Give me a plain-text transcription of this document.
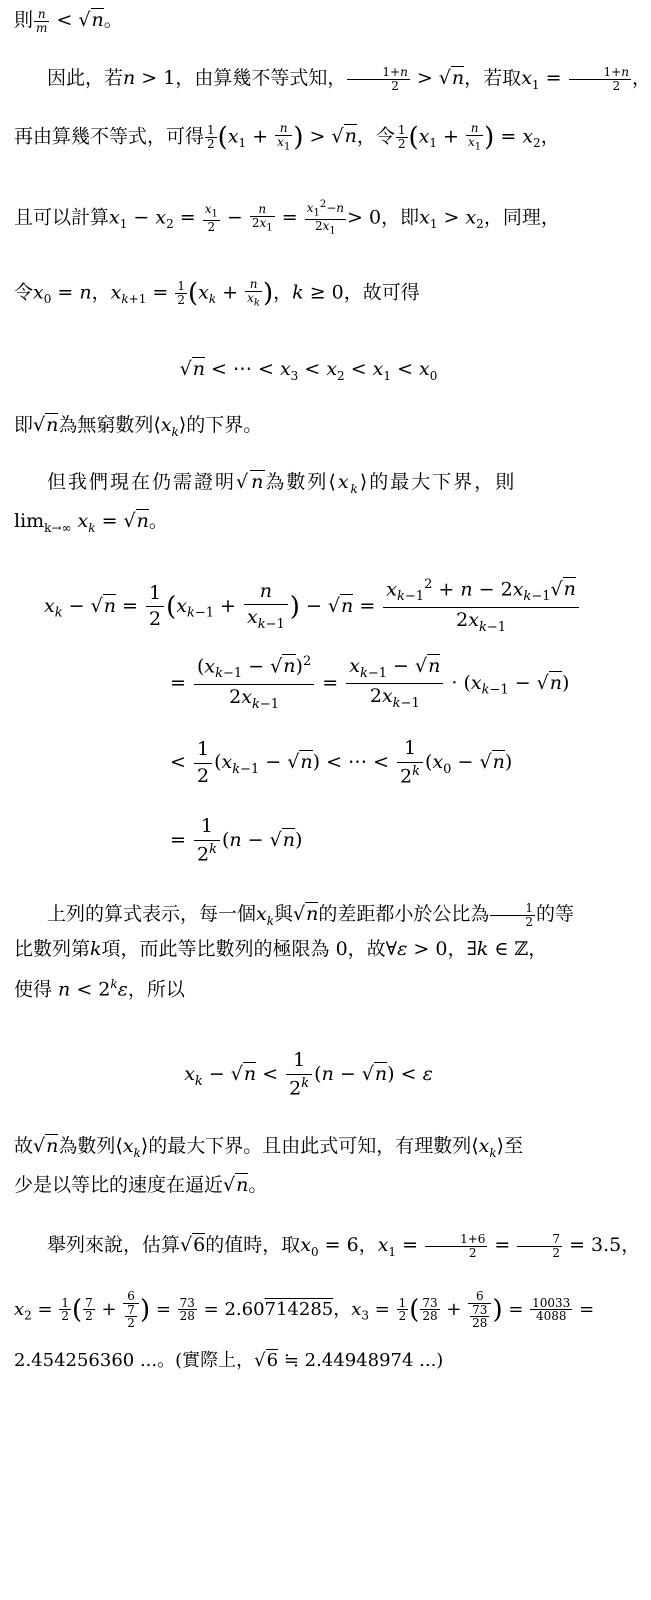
則 $\frac{n}{m} < √n$。
因此，若n > 1，由算幾不等式知， $\frac{1+n}{2} > √n$，若取$x_1 = \frac{1+n}{2}$ ，
再由算幾不等式，可得 $\frac{1}{2} (x_1 + \frac{n}{x_1}$ ) > √n，令 $\frac{1}{2} (x_1 + \frac{n}{x_1}$ ) = $x_2$，
且可以計算$x_1 - x_2 = \frac{x_1}{2} - \frac{n}{2x_1} = \frac{x_1^2-n}{2x_1} > 0$，即$x_1 > x_2$，同理，
令$x_0 = n$，$x_{k+1} = \frac{1}{2} (x_k + \frac{n}{x_k}$ )，k ≥ 0，故可得
√n < ⋯ < $x_3 < x_2 < x_1 < x_0$
即√n為無窮數列$⟨x_k⟩$的下界。
但我們現在仍需證明√n為數列$⟨x_k⟩$的最大下界，則
$\lim_{k\to\infty} x_k = √n$。
$x_k - √n = \frac{1}{2} (x_{k-1} + \frac{n}{x_{k-1}}$ ) − $√n = \frac{x_{k-1}^2 + n - 2x_{k-1}√n}{2x_{k-1}}$
= $\frac{(x_{k-1} - √n)^2}{2x_{k-1}} = \frac{x_{k-1} - √n}{2x_{k-1}} \cdot (x_{k-1} - √n)$
< $\frac{1}{2} (x_{k-1} - √n)$ < ⋯ < $\frac{1}{2^k} (x_0 - √n)$
= $\frac{1}{2^k} (n - √n)$
上列的算式表示，每一個$x_k$與√n的差距都小於公比為 $\frac{1}{2}$ 的等
比數列第k項，而此等比數列的極限為 0，故∀ε > 0，∃k ∈ ℤ，
使得 $n < 2^k\varepsilon$，所以
$x_k - √n < \frac{1}{2^k} (n - √n) < \varepsilon$
故√n為數列$⟨x_k⟩$的最大下界。且由此式可知，有理數列$⟨x_k⟩$至
少是以等比的速度在逼近√n。
舉列來說，估算√6的值時，取$x_0 = 6$，$x_1 = \frac{1+6}{2} = \frac{7}{2} = 3.5$，
$x_2 = \frac{1}{2}$ ( $\frac{7}{2} + \frac{6}{\frac{7}{2}}$ ) = $\frac{73}{28} = 2.60714285$，$x_3 = \frac{1}{2}$ ( $\frac{73}{28} + \frac{6}{\frac{73}{28}}$ ) = $\frac{10033}{4088}$ =
2.454256360 ...。(實際上，√6 ≒ 2.44948974 ...)
